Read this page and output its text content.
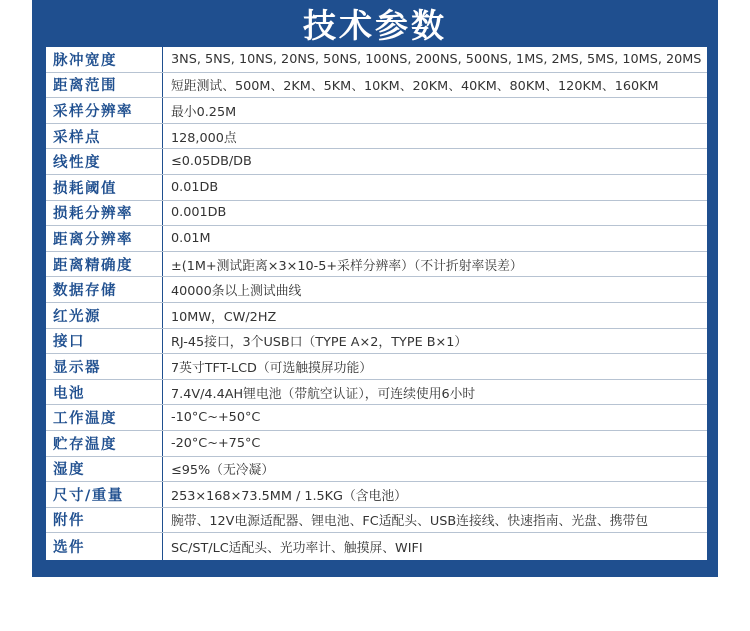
技术参数
脉冲宽度	3NS, 5NS, 10NS, 20NS, 50NS, 100NS, 200NS, 500NS, 1MS, 2MS, 5MS, 10MS, 20MS
距离范围	短距测试、500M、2KM、5KM、10KM、20KM、40KM、80KM、120KM、160KM
采样分辨率	最小0.25M
采样点	128,000点
线性度	≤0.05DB/DB
损耗阈值	0.01DB
损耗分辨率	0.001DB
距离分辨率	0.01M
距离精确度	±(1M+测试距离×3×10-5+采样分辨率）（不计折射率误差）
数据存储	40000条以上测试曲线
红光源	10MW，CW/2HZ
接口	RJ-45接口，3个USB口（TYPE A×2，TYPE B×1）
显示器	7英寸TFT-LCD（可选触摸屏功能）
电池	7.4V/4.4AH锂电池（带航空认证），可连续使用6小时
工作温度	-10°C~+50°C
贮存温度	-20°C~+75°C
湿度	≤95%（无冷凝）
尺寸/重量	253×168×73.5MM / 1.5KG（含电池）
附件	腕带、12V电源适配器、锂电池、FC适配头、USB连接线、快速指南、光盘、携带包
选件	SC/ST/LC适配头、光功率计、触摸屏、WIFI
